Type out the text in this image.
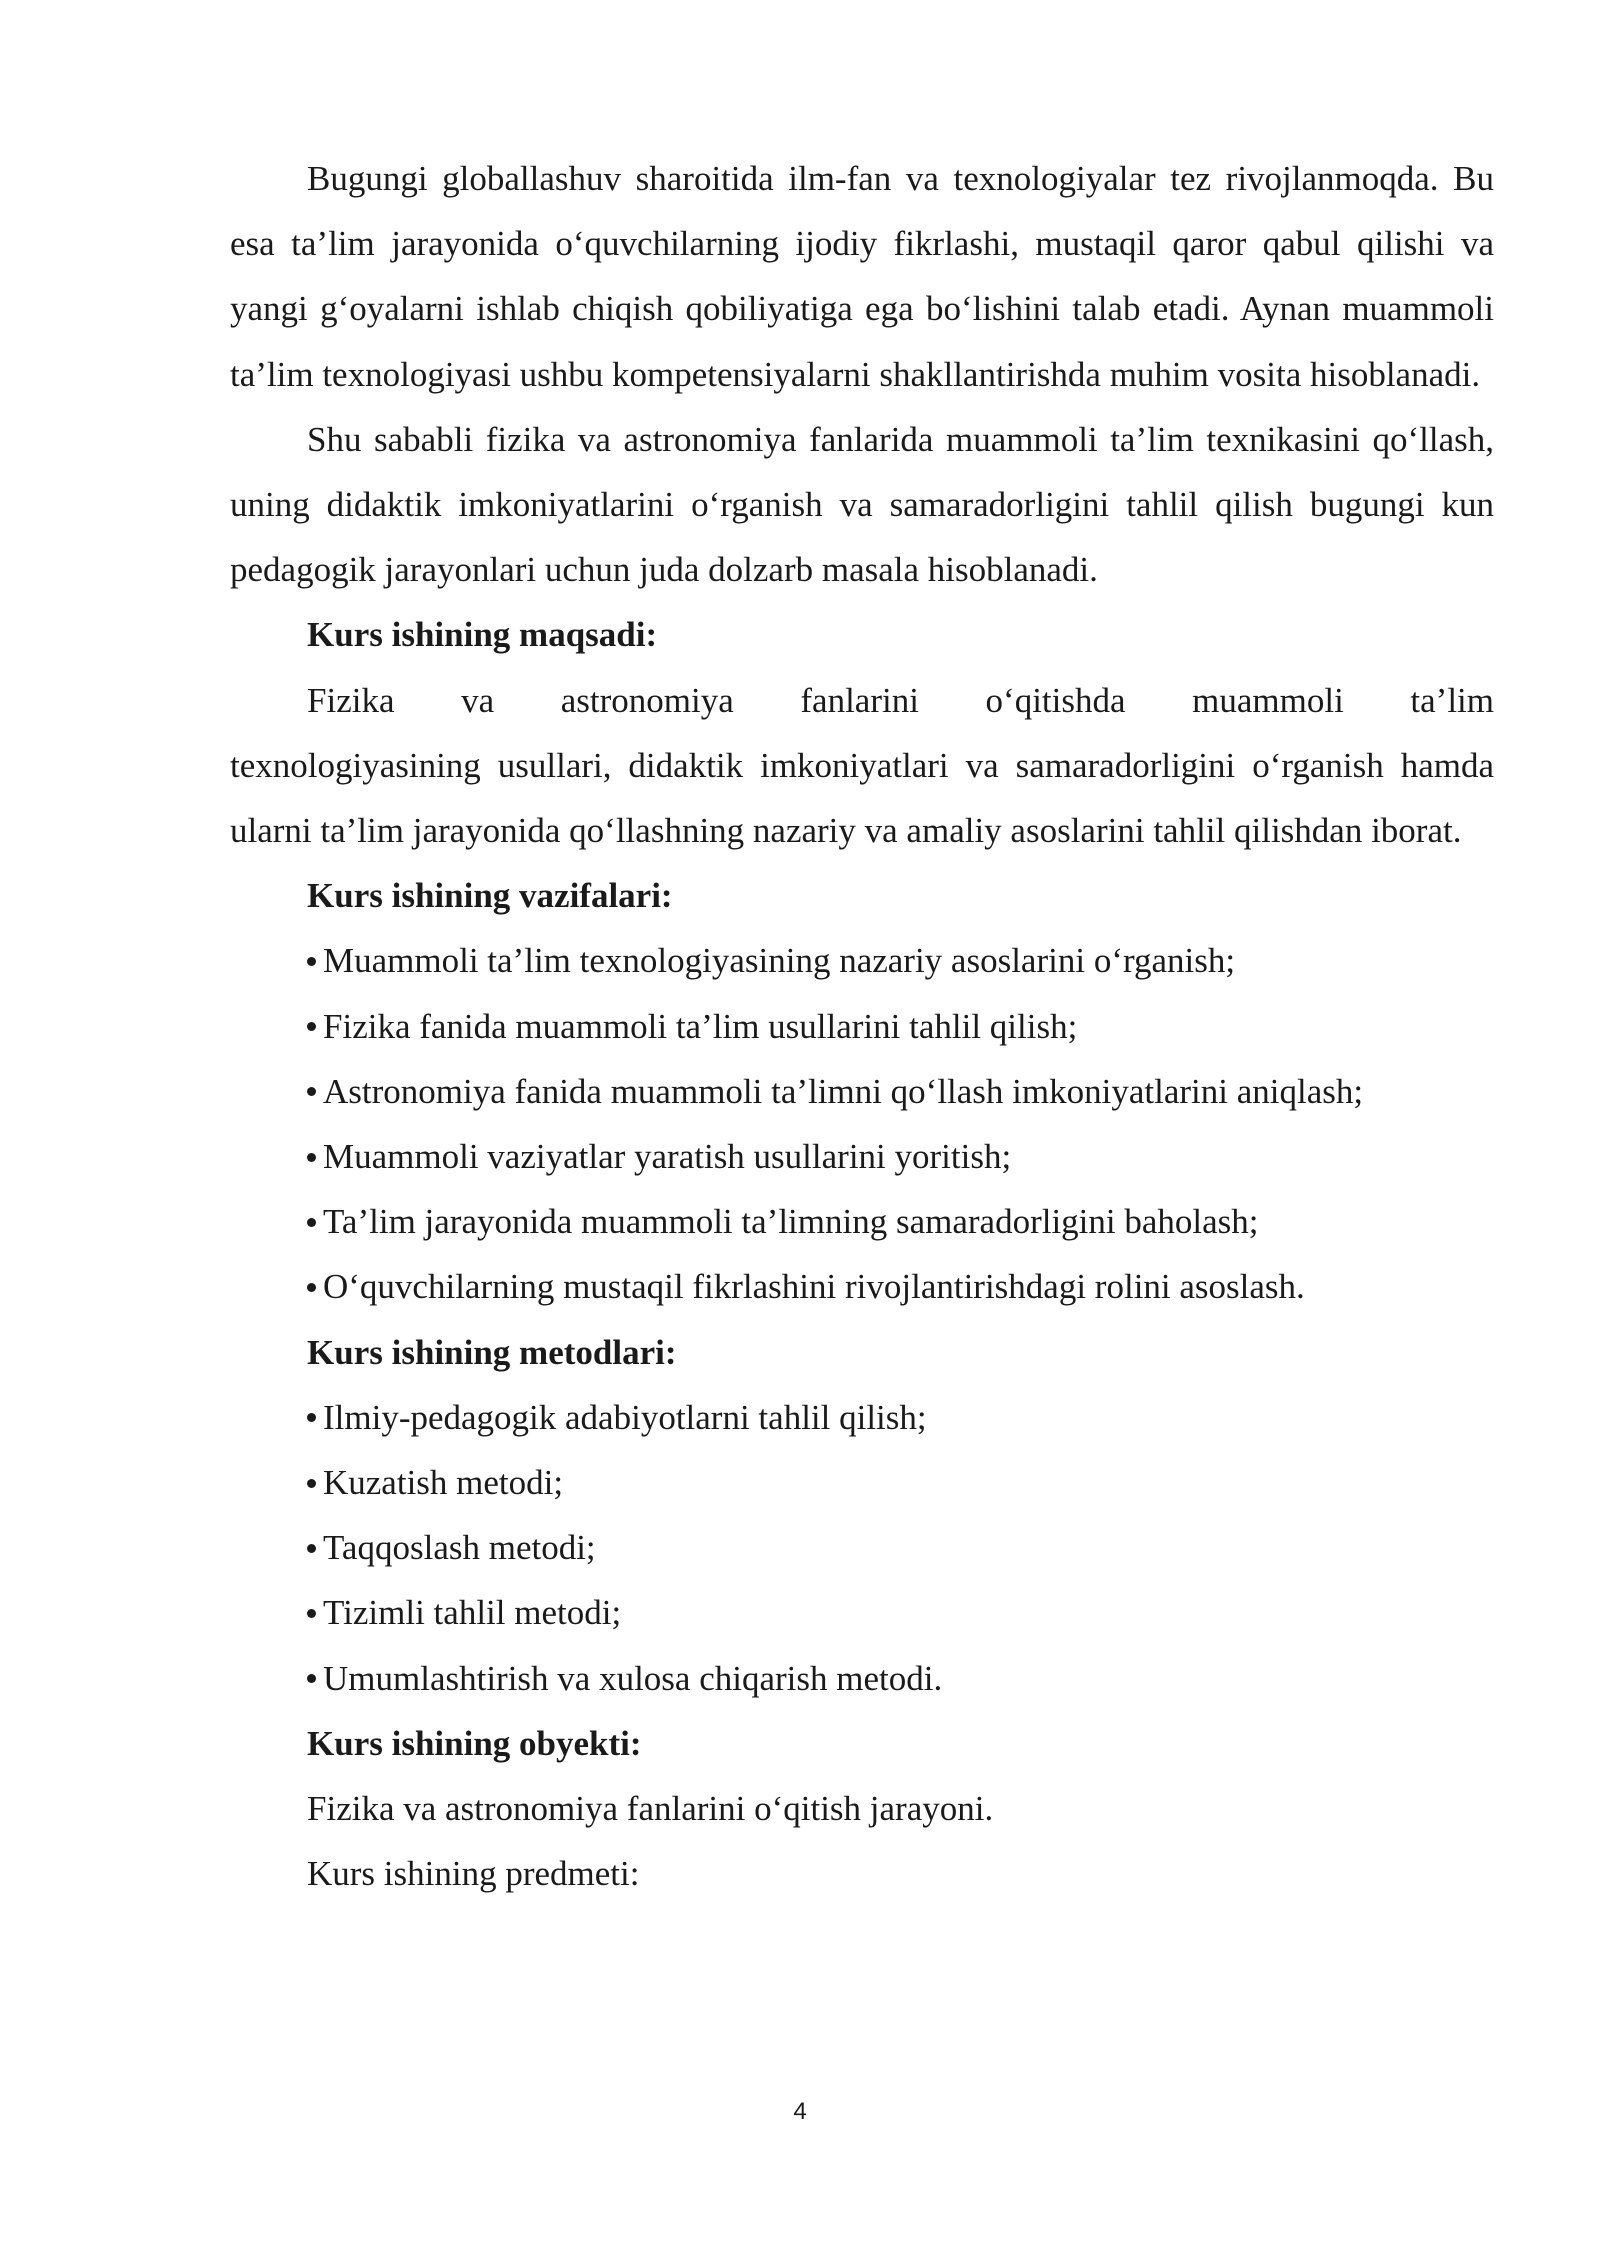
Bugungi globallashuv sharoitida ilm-fan va texnologiyalar tez rivojlanmoqda. Bu esa ta’lim jarayonida o‘quvchilarning ijodiy fikrlashi, mustaqil qaror qabul qilishi va yangi g‘oyalarni ishlab chiqish qobiliyatiga ega bo‘lishini talab etadi. Aynan muammoli ta’lim texnologiyasi ushbu kompetensiyalarni shakllantirishda muhim vosita hisoblanadi.

Shu sababli fizika va astronomiya fanlarida muammoli ta’lim texnikasini qo‘llash, uning didaktik imkoniyatlarini o‘rganish va samaradorligini tahlil qilish bugungi kun pedagogik jarayonlari uchun juda dolzarb masala hisoblanadi.

Kurs ishining maqsadi:

Fizika va astronomiya fanlarini o‘qitishda muammoli ta’lim

texnologiyasining usullari, didaktik imkoniyatlari va samaradorligini o‘rganish hamda ularni ta’lim jarayonida qo‘llashning nazariy va amaliy asoslarini tahlil qilishdan iborat.

Kurs ishining vazifalari:

Muammoli ta’lim texnologiyasining nazariy asoslarini o‘rganish;
Fizika fanida muammoli ta’lim usullarini tahlil qilish;
Astronomiya fanida muammoli ta’limni qo‘llash imkoniyatlarini aniqlash;
Muammoli vaziyatlar yaratish usullarini yoritish;
Ta’lim jarayonida muammoli ta’limning samaradorligini baholash;
O‘quvchilarning mustaqil fikrlashini rivojlantirishdagi rolini asoslash.

Kurs ishining metodlari:

Ilmiy-pedagogik adabiyotlarni tahlil qilish;
Kuzatish metodi;
Taqqoslash metodi;
Tizimli tahlil metodi;
Umumlashtirish va xulosa chiqarish metodi.

Kurs ishining obyekti:

Fizika va astronomiya fanlarini o‘qitish jarayoni.

Kurs ishining predmeti:

4
